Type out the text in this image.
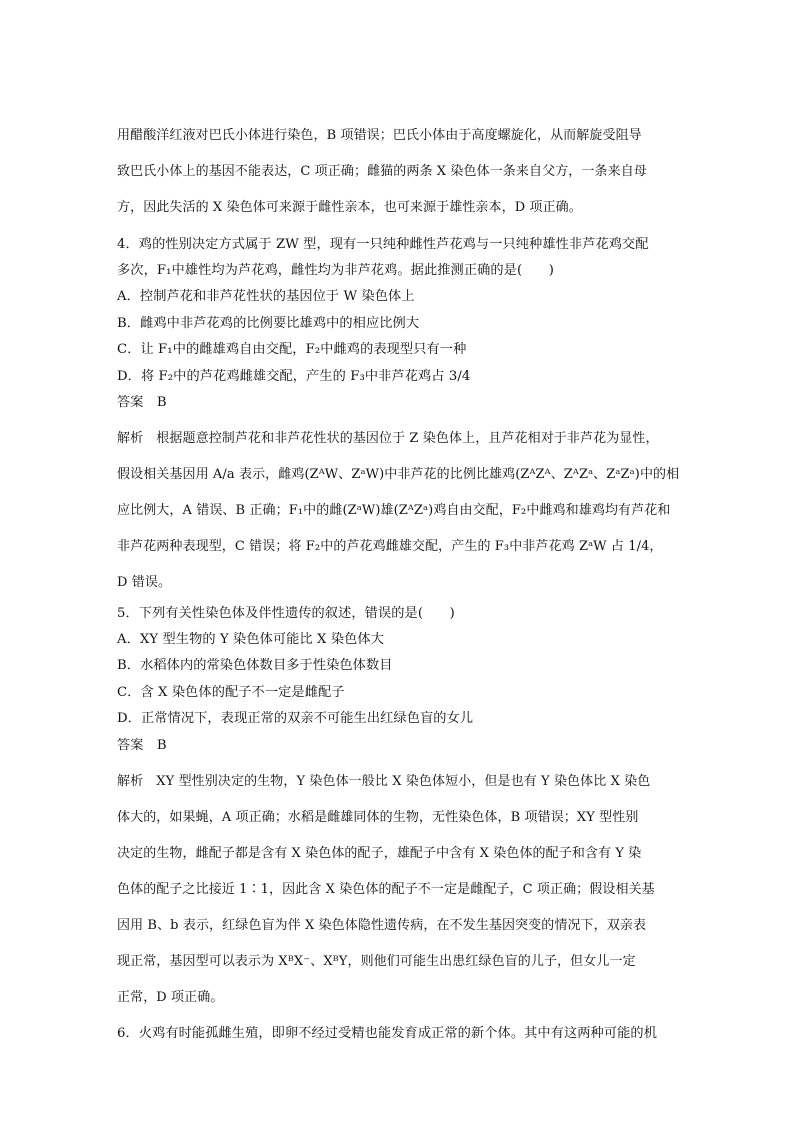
用醋酸洋红液对巴氏小体进行染色，B 项错误；巴氏小体由于高度螺旋化，从而解旋受阻导
致巴氏小体上的基因不能表达，C 项正确；雌猫的两条 X 染色体一条来自父方，一条来自母
方，因此失活的 X 染色体可来源于雌性亲本，也可来源于雄性亲本，D 项正确。
4．鸡的性别决定方式属于 ZW 型，现有一只纯种雌性芦花鸡与一只纯种雄性非芦花鸡交配
多次，F₁中雄性均为芦花鸡，雌性均为非芦花鸡。据此推测正确的是(　　)
A．控制芦花和非芦花性状的基因位于 W 染色体上
B．雌鸡中非芦花鸡的比例要比雄鸡中的相应比例大
C．让 F₁中的雌雄鸡自由交配，F₂中雌鸡的表现型只有一种
D．将 F₂中的芦花鸡雌雄交配，产生的 F₃中非芦花鸡占 3/4
答案　B
解析　根据题意控制芦花和非芦花性状的基因位于 Z 染色体上，且芦花相对于非芦花为显性，
假设相关基因用 A/a 表示，雌鸡(ZᴬW、ZᵃW)中非芦花的比例比雄鸡(ZᴬZᴬ、ZᴬZᵃ、ZᵃZᵃ)中的相
应比例大，A 错误、B 正确；F₁中的雌(ZᵃW)雄(ZᴬZᵃ)鸡自由交配，F₂中雌鸡和雄鸡均有芦花和
非芦花两种表现型，C 错误；将 F₂中的芦花鸡雌雄交配，产生的 F₃中非芦花鸡 ZᵃW 占 1/4，
D 错误。
5．下列有关性染色体及伴性遗传的叙述，错误的是(　　)
A．XY 型生物的 Y 染色体可能比 X 染色体大
B．水稻体内的常染色体数目多于性染色体数目
C．含 X 染色体的配子不一定是雌配子
D．正常情况下，表现正常的双亲不可能生出红绿色盲的女儿
答案　B
解析　XY 型性别决定的生物，Y 染色体一般比 X 染色体短小，但是也有 Y 染色体比 X 染色
体大的，如果蝇，A 项正确；水稻是雌雄同体的生物，无性染色体，B 项错误；XY 型性别
决定的生物，雌配子都是含有 X 染色体的配子，雄配子中含有 X 染色体的配子和含有 Y 染
色体的配子之比接近 1∶1，因此含 X 染色体的配子不一定是雌配子，C 项正确；假设相关基
因用 B、b 表示，红绿色盲为伴 X 染色体隐性遗传病，在不发生基因突变的情况下，双亲表
现正常，基因型可以表示为 XᴮX⁻、XᴮY，则他们可能生出患红绿色盲的儿子，但女儿一定
正常，D 项正确。
6．火鸡有时能孤雌生殖，即卵不经过受精也能发育成正常的新个体。其中有这两种可能的机
